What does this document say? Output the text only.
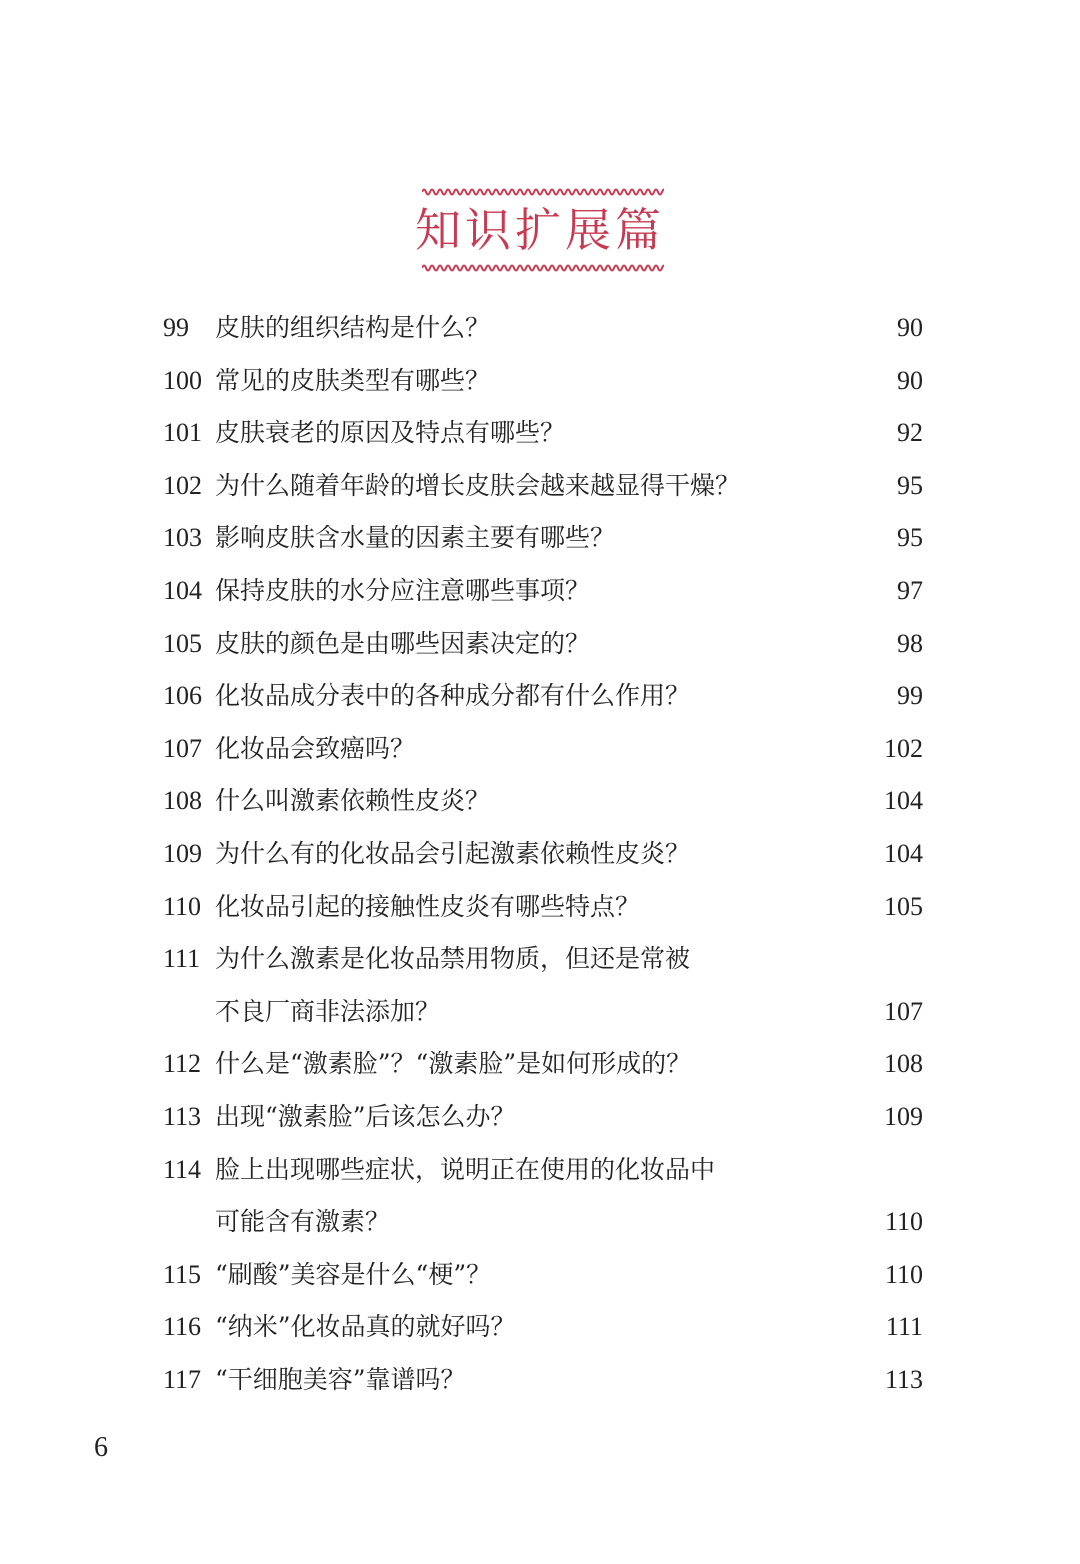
知识扩展篇
99 皮肤的组织结构是什么？	90
100 常见的皮肤类型有哪些？	90
101 皮肤衰老的原因及特点有哪些？	92
102 为什么随着年龄的增长皮肤会越来越显得干燥？	95
103 影响皮肤含水量的因素主要有哪些？	95
104 保持皮肤的水分应注意哪些事项？	97
105 皮肤的颜色是由哪些因素决定的？	98
106 化妆品成分表中的各种成分都有什么作用？	99
107 化妆品会致癌吗？	102
108 什么叫激素依赖性皮炎？	104
109 为什么有的化妆品会引起激素依赖性皮炎？	104
110 化妆品引起的接触性皮炎有哪些特点？	105
111 为什么激素是化妆品禁用物质，但还是常被
不良厂商非法添加？	107
112 什么是“激素脸”？“激素脸”是如何形成的？	108
113 出现“激素脸”后该怎么办？	109
114 脸上出现哪些症状，说明正在使用的化妆品中
可能含有激素？	110
115 “刷酸”美容是什么“梗”？	110
116 “纳米”化妆品真的就好吗？	111
117 “干细胞美容”靠谱吗？	113
6
